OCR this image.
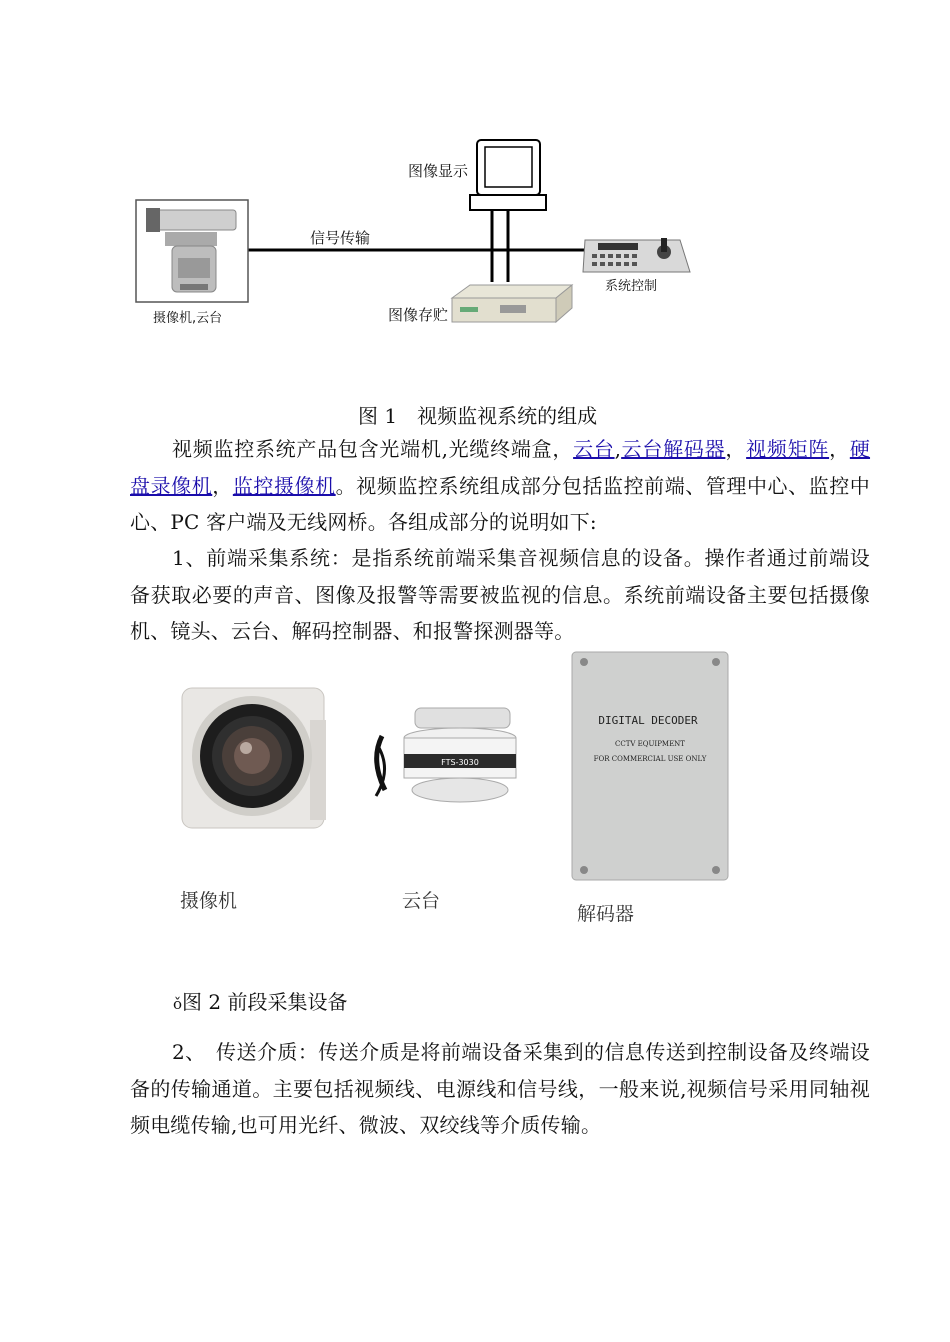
图像显示
信号传输
摄像机,云台
系统控制
图像存贮
图 1　视频监视系统的组成
视频监控系统产品包含光端机,光缆终端盒，云台,云台解码器，视频矩阵，硬盘录像机，监控摄像机。视频监控系统组成部分包括监控前端、管理中心、监控中心、PC 客户端及无线网桥。各组成部分的说明如下:
1、前端采集系统：是指系统前端采集音视频信息的设备。操作者通过前端设备获取必要的声音、图像及报警等需要被监视的信息。系统前端设备主要包括摄像机、镜头、云台、解码控制器、和报警探测器等。
FTS-3030
DIGITAL DECODER
CCTV EQUIPMENT
FOR COMMERCIAL USE ONLY
摄像机	云台
解码器
ǒ图 2 前段采集设备
2、　传送介质：传送介质是将前端设备采集到的信息传送到控制设备及终端设备的传输通道。主要包括视频线、电源线和信号线，一般来说,视频信号采用同轴视频电缆传输,也可用光纤、微波、双绞线等介质传输。
